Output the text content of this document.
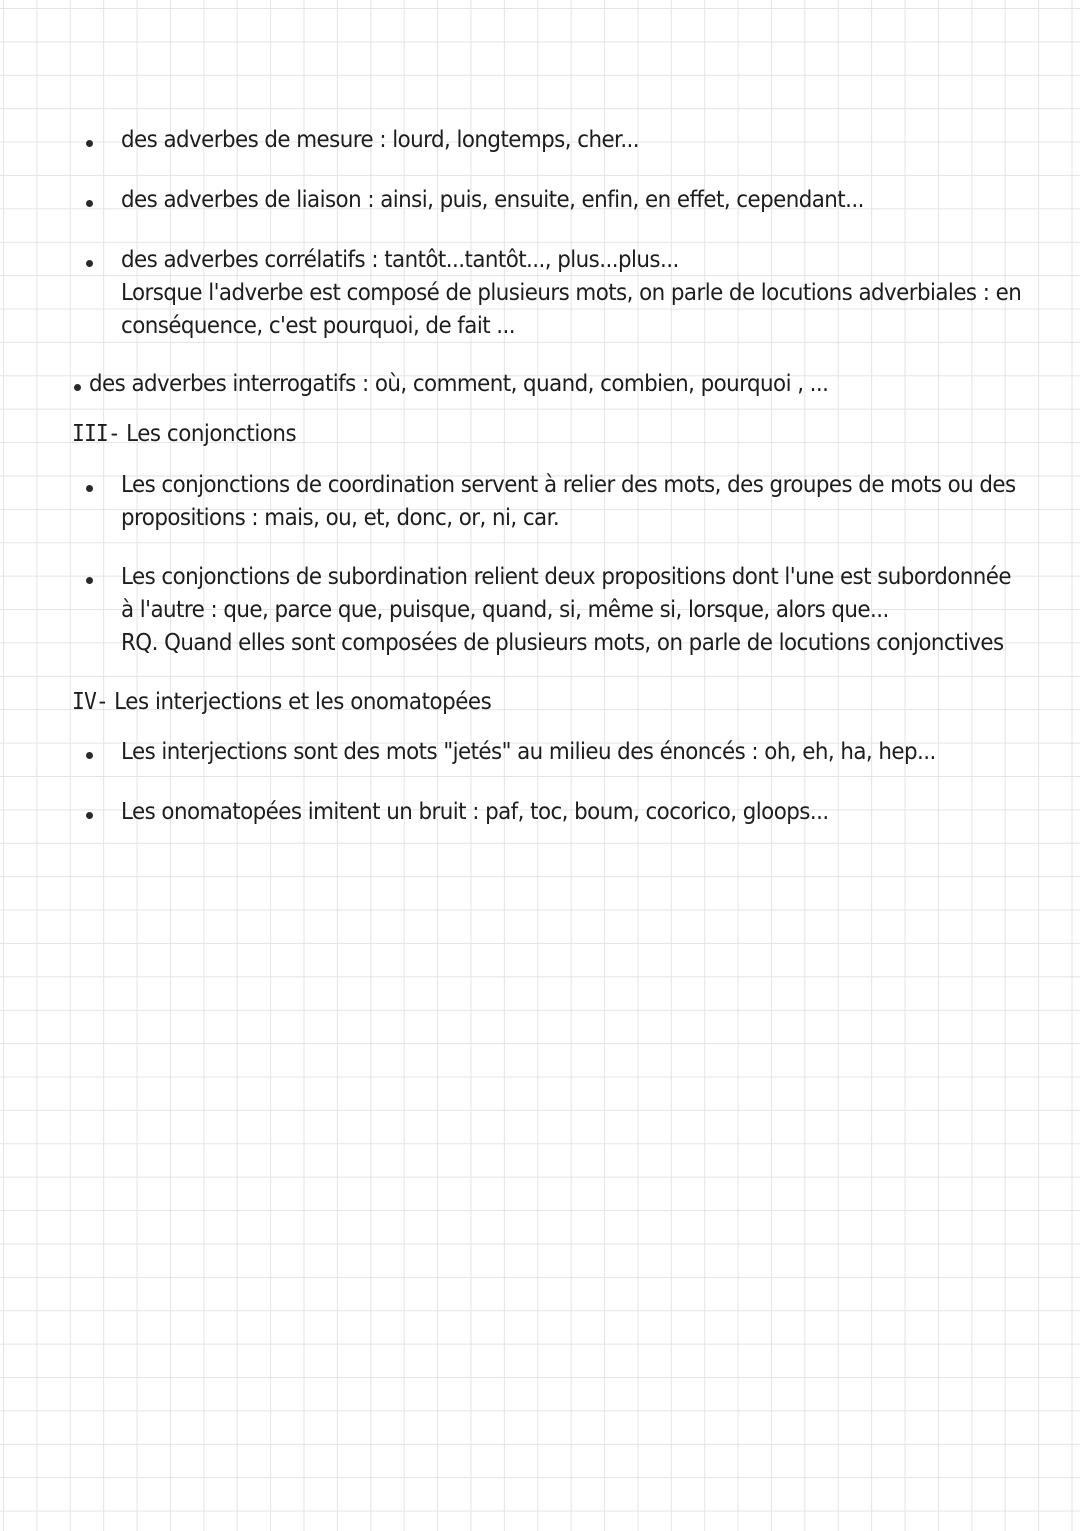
des adverbes de mesure : lourd, longtemps, cher...
des adverbes de liaison : ainsi, puis, ensuite, enfin, en effet, cependant...
des adverbes corrélatifs : tantôt...tantôt..., plus...plus...
Lorsque l'adverbe est composé de plusieurs mots, on parle de locutions adverbiales : en
conséquence, c'est pourquoi, de fait ...
des adverbes interrogatifs : où, comment, quand, combien, pourquoi , ...
III- Les conjonctions
Les conjonctions de coordination servent à relier des mots, des groupes de mots ou des
propositions : mais, ou, et, donc, or, ni, car.
Les conjonctions de subordination relient deux propositions dont l'une est subordonnée
à l'autre : que, parce que, puisque, quand, si, même si, lorsque, alors que...
RQ. Quand elles sont composées de plusieurs mots, on parle de locutions conjonctives
IV- Les interjections et les onomatopées
Les interjections sont des mots "jetés" au milieu des énoncés : oh, eh, ha, hep...
Les onomatopées imitent un bruit : paf, toc, boum, cocorico, gloops...
